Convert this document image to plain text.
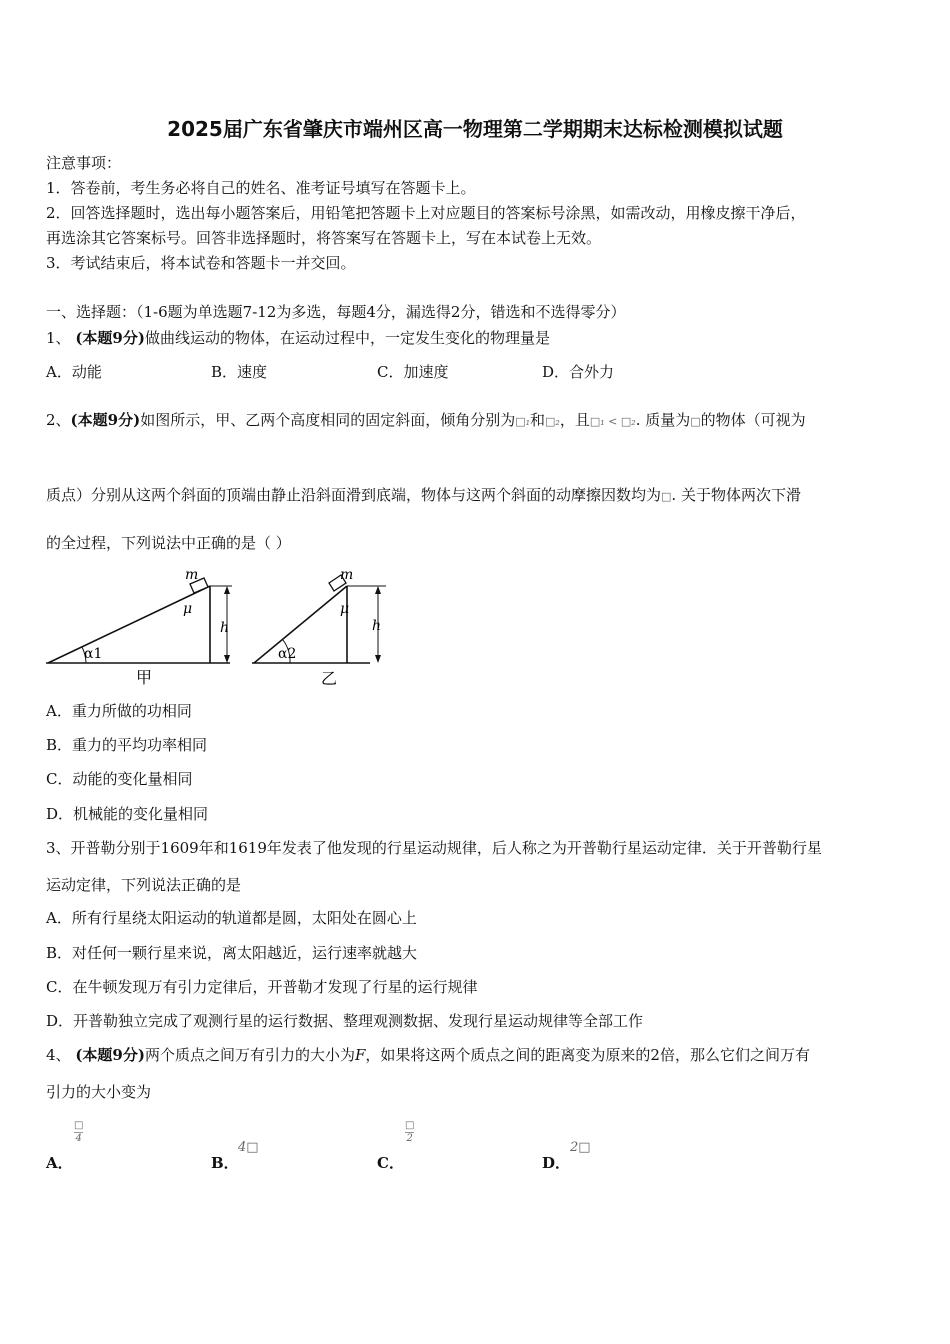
2025届广东省肇庆市端州区高一物理第二学期期末达标检测模拟试题
注意事项：
1．答卷前，考生务必将自己的姓名、准考证号填写在答题卡上。
2．回答选择题时，选出每小题答案后，用铅笔把答题卡上对应题目的答案标号涂黑，如需改动，用橡皮擦干净后，
再选涂其它答案标号。回答非选择题时，将答案写在答题卡上，写在本试卷上无效。
3．考试结束后，将本试卷和答题卡一并交回。
一、选择题：（1-6题为单选题7-12为多选，每题4分，漏选得2分，错选和不选得零分）
1、 (本题9分)做曲线运动的物体，在运动过程中，一定发生变化的物理量是
A．动能	B．速度	C．加速度	D．合外力
2、(本题9分)如图所示，甲、乙两个高度相同的固定斜面，倾角分别为□₁和□₂，且□₁ < □₂. 质量为□的物体（可视为
质点）分别从这两个斜面的顶端由静止沿斜面滑到底端，物体与这两个斜面的动摩擦因数均为□. 关于物体两次下滑
的全过程，下列说法中正确的是（ ）
m
μ
h
α1
甲
m
μ
h
α2
乙
A．重力所做的功相同
B．重力的平均功率相同
C．动能的变化量相同
D．机械能的变化量相同
3、开普勒分别于1609年和1619年发表了他发现的行星运动规律，后人称之为开普勒行星运动定律．关于开普勒行星
运动定律，下列说法正确的是
A．所有行星绕太阳运动的轨道都是圆，太阳处在圆心上
B．对任何一颗行星来说，离太阳越近，运行速率就越大
C．在牛顿发现万有引力定律后，开普勒才发现了行星的运行规律
D．开普勒独立完成了观测行星的运行数据、整理观测数据、发现行星运动规律等全部工作
4、 (本题9分)两个质点之间万有引力的大小为F，如果将这两个质点之间的距离变为原来的2倍，那么它们之间万有
引力的大小变为
A．
□
4
B．
4□
C．
□
2
D．
2□
